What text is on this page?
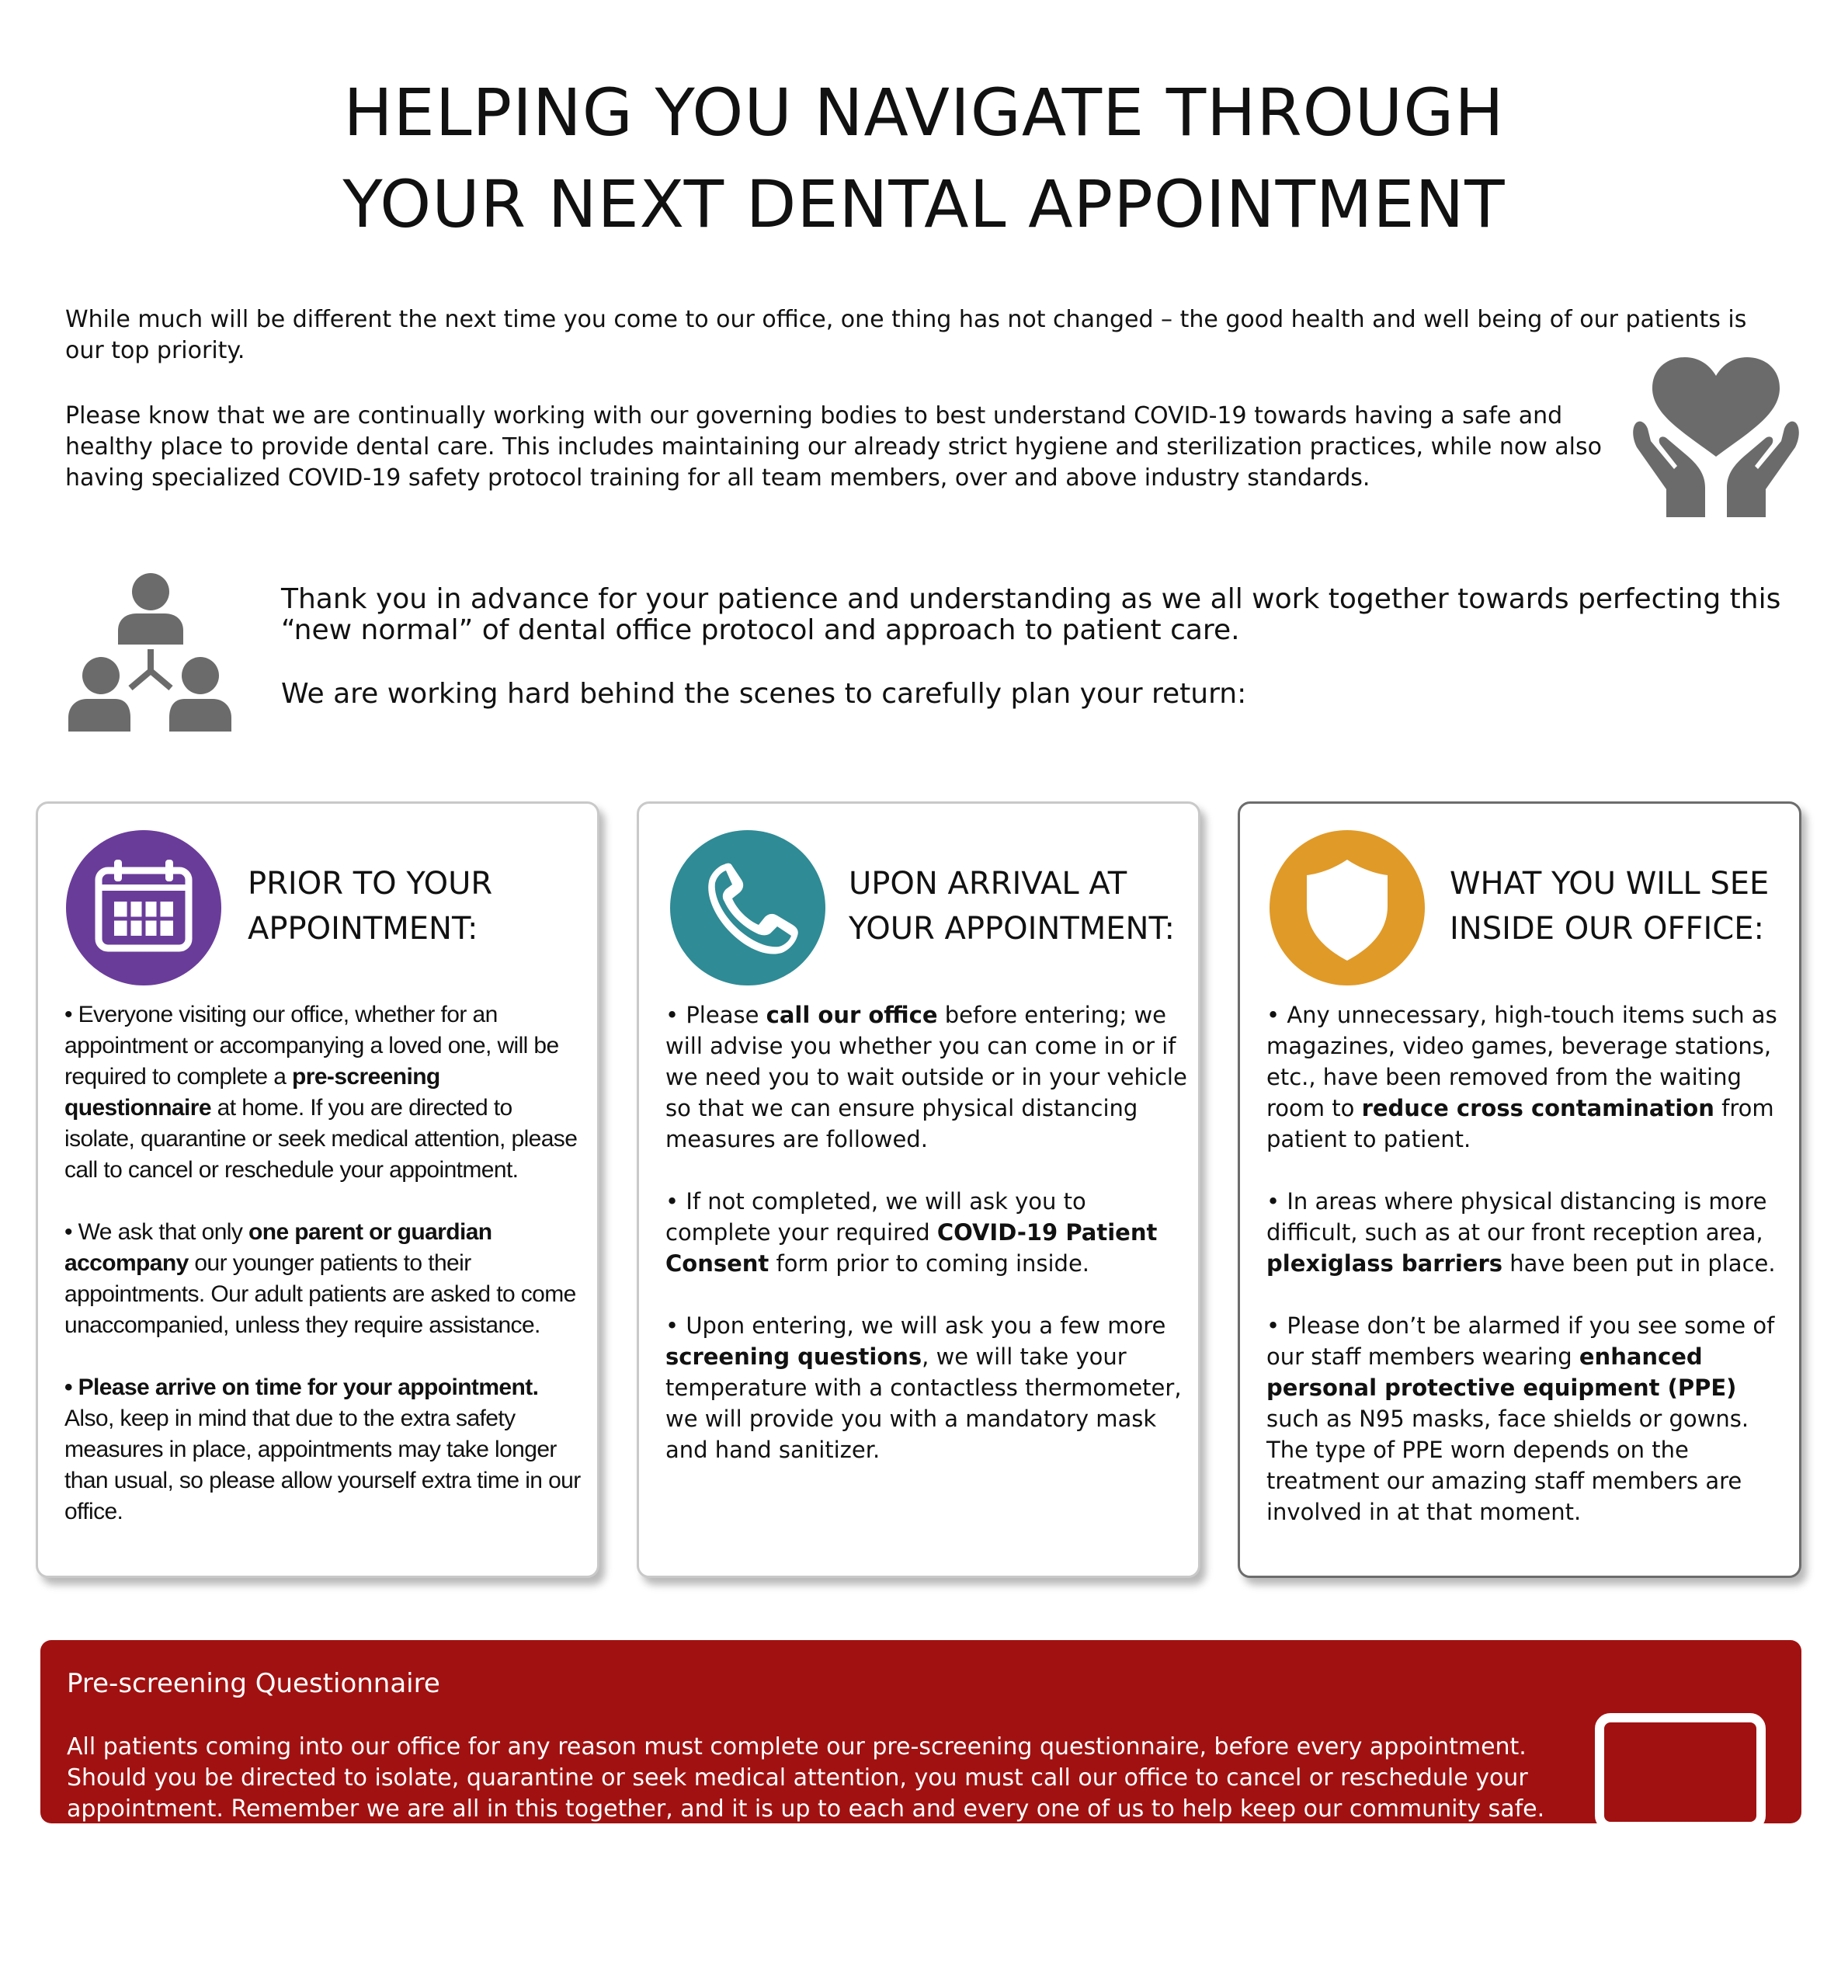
HELPING YOU NAVIGATE THROUGH
YOUR NEXT DENTAL APPOINTMENT
While much will be different the next time you come to our office, one thing has not changed – the good health and well being of our patients is our top priority.
Please know that we are continually working with our governing bodies to best understand COVID-19 towards having a safe and healthy place to provide dental care. This includes maintaining our already strict hygiene and sterilization practices, while now also having specialized COVID-19 safety protocol training for all team members, over and above industry standards.

Thank you in advance for your patience and understanding as we all work together towards perfecting this “new normal” of dental office protocol and approach to patient care.

We are working hard behind the scenes to carefully plan your return:

PRIOR TO YOUR
APPOINTMENT:

• Everyone visiting our office, whether for an appointment or accompanying a loved one, will be required to complete a pre-screening questionnaire at home. If you are directed to isolate, quarantine or seek medical attention, please call to cancel or reschedule your appointment.

• We ask that only one parent or guardian accompany our younger patients to their appointments. Our adult patients are asked to come unaccompanied, unless they require assistance.

• Please arrive on time for your appointment. Also, keep in mind that due to the extra safety measures in place, appointments may take longer than usual, so please allow yourself extra time in our office.

UPON ARRIVAL AT
YOUR APPOINTMENT:

• Please call our office before entering; we will advise you whether you can come in or if we need you to wait outside or in your vehicle so that we can ensure physical distancing measures are followed.

• If not completed, we will ask you to complete your required COVID-19 Patient Consent form prior to coming inside.

• Upon entering, we will ask you a few more screening questions, we will take your temperature with a contactless thermometer, we will provide you with a mandatory mask and hand sanitizer.

WHAT YOU WILL SEE
INSIDE OUR OFFICE:

• Any unnecessary, high-touch items such as magazines, video games, beverage stations, etc., have been removed from the waiting room to reduce cross contamination from patient to patient.

• In areas where physical distancing is more difficult, such as at our front reception area, plexiglass barriers have been put in place.

• Please don’t be alarmed if you see some of our staff members wearing enhanced personal protective equipment (PPE) such as N95 masks, face shields or gowns. The type of PPE worn depends on the treatment our amazing staff members are involved in at that moment.

Pre-screening Questionnaire
All patients coming into our office for any reason must complete our pre-screening questionnaire, before every appointment. Should you be directed to isolate, quarantine or seek medical attention, you must call our office to cancel or reschedule your appointment. Remember we are all in this together, and it is up to each and every one of us to help keep our community safe.
